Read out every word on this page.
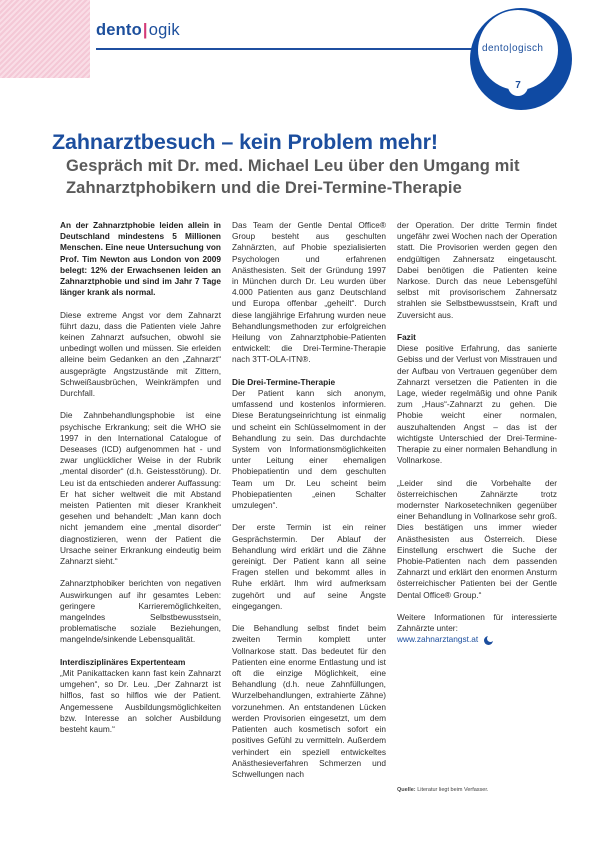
dento|ogik
dento|ogisch
7
Zahnarztbesuch – kein Problem mehr!
Gespräch mit Dr. med. Michael Leu über den Umgang mit Zahnarztphobikern und die Drei-Termine-Therapie

An der Zahnarztphobie leiden allein in Deutschland mindestens 5 Millionen Menschen. Eine neue Untersuchung von Prof. Tim Newton aus London von 2009 belegt: 12% der Erwachsenen leiden an Zahnarztphobie und sind im Jahr 7 Tage länger krank als normal.

Diese extreme Angst vor dem Zahnarzt führt dazu, dass die Patienten viele Jahre keinen Zahnarzt aufsuchen, obwohl sie unbedingt wollen und müssen. Sie erleiden alleine beim Gedanken an den „Zahnarzt“ ausgeprägte Angstzustände mit Zittern, Schweißausbrüchen, Weinkrämpfen und Durchfall.

Die Zahnbehandlungsphobie ist eine psychische Erkrankung; seit die WHO sie 1997 in den International Catalogue of Deseases (ICD) aufgenommen hat - und zwar unglücklicher Weise in der Rubrik „mental disorder“ (d.h. Geistesstörung). Dr. Leu ist da entschieden anderer Auffassung: Er hat sicher weltweit die mit Abstand meisten Patienten mit dieser Krankheit gesehen und behandelt: „Man kann doch nicht jemandem eine „mental disorder“ diagnostizieren, wenn der Patient die Ursache seiner Erkrankung eindeutig beim Zahnarzt sieht.“

Zahnarztphobiker berichten von negativen Auswirkungen auf ihr gesamtes Leben: geringere Karrieremöglichkeiten, mangelndes Selbstbewusstsein, problematische soziale Beziehungen, mangelnde/sinkende Lebensqualität.

Interdisziplinäres Expertenteam

„Mit Panikattacken kann fast kein Zahnarzt umgehen“, so Dr. Leu. „Der Zahnarzt ist hilflos, fast so hilflos wie der Patient. Angemessene Ausbildungsmöglichkeiten bzw. Interesse an solcher Ausbildung besteht kaum.“

Das Team der Gentle Dental Office® Group besteht aus geschulten Zahnärzten, auf Phobie spezialisierten Psychologen und erfahrenen Anästhesisten. Seit der Gründung 1997 in München durch Dr. Leu wurden über 4.000 Patienten aus ganz Deutschland und Europa offenbar „geheilt“. Durch diese langjährige Erfahrung wurden neue Behandlungsmethoden zur erfolgreichen Heilung von Zahnarztphobie-Patienten entwickelt: die Drei-Termine-Therapie nach 3TT-OLA-ITN®.

Die Drei-Termine-Therapie

Der Patient kann sich anonym, umfassend und kostenlos informieren. Diese Beratungseinrichtung ist einmalig und scheint ein Schlüsselmoment in der Behandlung zu sein. Das durchdachte System von Informationsmöglichkeiten unter Leitung einer ehemaligen Phobiepatientin und dem geschulten Team um Dr. Leu scheint beim Phobiepatienten „einen Schalter umzulegen“.

Der erste Termin ist ein reiner Gesprächstermin. Der Ablauf der Behandlung wird erklärt und die Zähne gereinigt. Der Patient kann all seine Fragen stellen und bekommt alles in Ruhe erklärt. Ihm wird aufmerksam zugehört und auf seine Ängste eingegangen.

Die Behandlung selbst findet beim zweiten Termin komplett unter Vollnarkose statt. Das bedeutet für den Patienten eine enorme Entlastung und ist oft die einzige Möglichkeit, eine Behandlung (d.h. neue Zahnfüllungen, Wurzelbehandlungen, extrahierte Zähne) vorzunehmen. An entstandenen Lücken werden Provisorien eingesetzt, um dem Patienten auch kosmetisch sofort ein positives Gefühl zu vermitteln. Außerdem verhindert ein speziell entwickeltes Anästhesieverfahren Schmerzen und Schwellungen nach

der Operation. Der dritte Termin findet ungefähr zwei Wochen nach der Operation statt. Die Provisorien werden gegen den endgültigen Zahnersatz eingetauscht. Dabei benötigen die Patienten keine Narkose. Durch das neue Lebensgefühl selbst mit provisorischem Zahnersatz strahlen sie Selbstbewusstsein, Kraft und Zuversicht aus.

Fazit

Diese positive Erfahrung, das sanierte Gebiss und der Verlust von Misstrauen und der Aufbau von Vertrauen gegenüber dem Zahnarzt versetzen die Patienten in die Lage, wieder regelmäßig und ohne Panik zum „Haus“-Zahnarzt zu gehen. Die Phobie weicht einer normalen, auszuhaltenden Angst – das ist der wichtigste Unterschied der Drei-Termine-Therapie zu einer normalen Behandlung in Vollnarkose.

„Leider sind die Vorbehalte der österreichischen Zahnärzte trotz modernster Narkosetechniken gegenüber einer Behandlung in Vollnarkose sehr groß. Dies bestätigen uns immer wieder Anästhesisten aus Österreich. Diese Einstellung erschwert die Suche der Phobie-Patienten nach dem passenden Zahnarzt und erklärt den enormen Ansturm österreichischer Patienten bei der Gentle Dental Office® Group.“

Weitere Informationen für interessierte Zahnärzte unter:

www.zahnarztangst.at
Quelle: Literatur liegt beim Verfasser.
